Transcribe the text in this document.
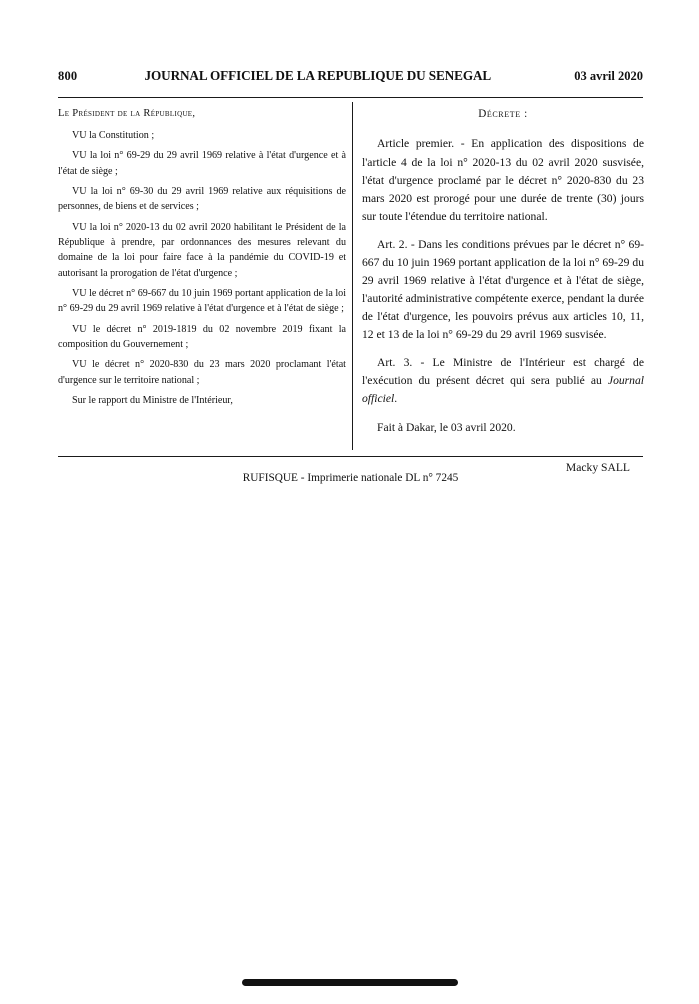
800	JOURNAL OFFICIEL DE LA REPUBLIQUE DU SENEGAL	03 avril 2020

Le Président de la République,

VU la Constitution ;

VU la loi n° 69-29 du 29 avril 1969 relative à l'état d'urgence et à l'état de siège ;

VU la loi n° 69-30 du 29 avril 1969 relative aux réquisitions de personnes, de biens et de services ;

VU la loi n° 2020-13 du 02 avril 2020 habilitant le Président de la République à prendre, par ordonnances des mesures relevant du domaine de la loi pour faire face à la pandémie du COVID-19 et autorisant la prorogation de l'état d'urgence ;

VU le décret n° 69-667 du 10 juin 1969 portant application de la loi n° 69-29 du 29 avril 1969 relative à l'état d'urgence et à l'état de siège ;

VU le décret n° 2019-1819 du 02 novembre 2019 fixant la composition du Gouvernement ;

VU le décret n° 2020-830 du 23 mars 2020 proclamant l'état d'urgence sur le territoire national ;

Sur le rapport du Ministre de l'Intérieur,

Décrete :

Article premier. - En application des dispositions de l'article 4 de la loi n° 2020-13 du 02 avril 2020 susvisée, l'état d'urgence proclamé par le décret n° 2020-830 du 23 mars 2020 est prorogé pour une durée de trente (30) jours sur toute l'étendue du territoire national.

Art. 2. - Dans les conditions prévues par le décret n° 69-667 du 10 juin 1969 portant application de la loi n° 69-29 du 29 avril 1969 relative à l'état d'urgence et à l'état de siège, l'autorité administrative compétente exerce, pendant la durée de l'état d'urgence, les pouvoirs prévus aux articles 10, 11, 12 et 13 de la loi n° 69-29 du 29 avril 1969 susvisée.

Art. 3. - Le Ministre de l'Intérieur est chargé de l'exécution du présent décret qui sera publié au Journal officiel.

Fait à Dakar, le 03 avril 2020.

Macky SALL

RUFISQUE - Imprimerie nationale DL n° 7245
